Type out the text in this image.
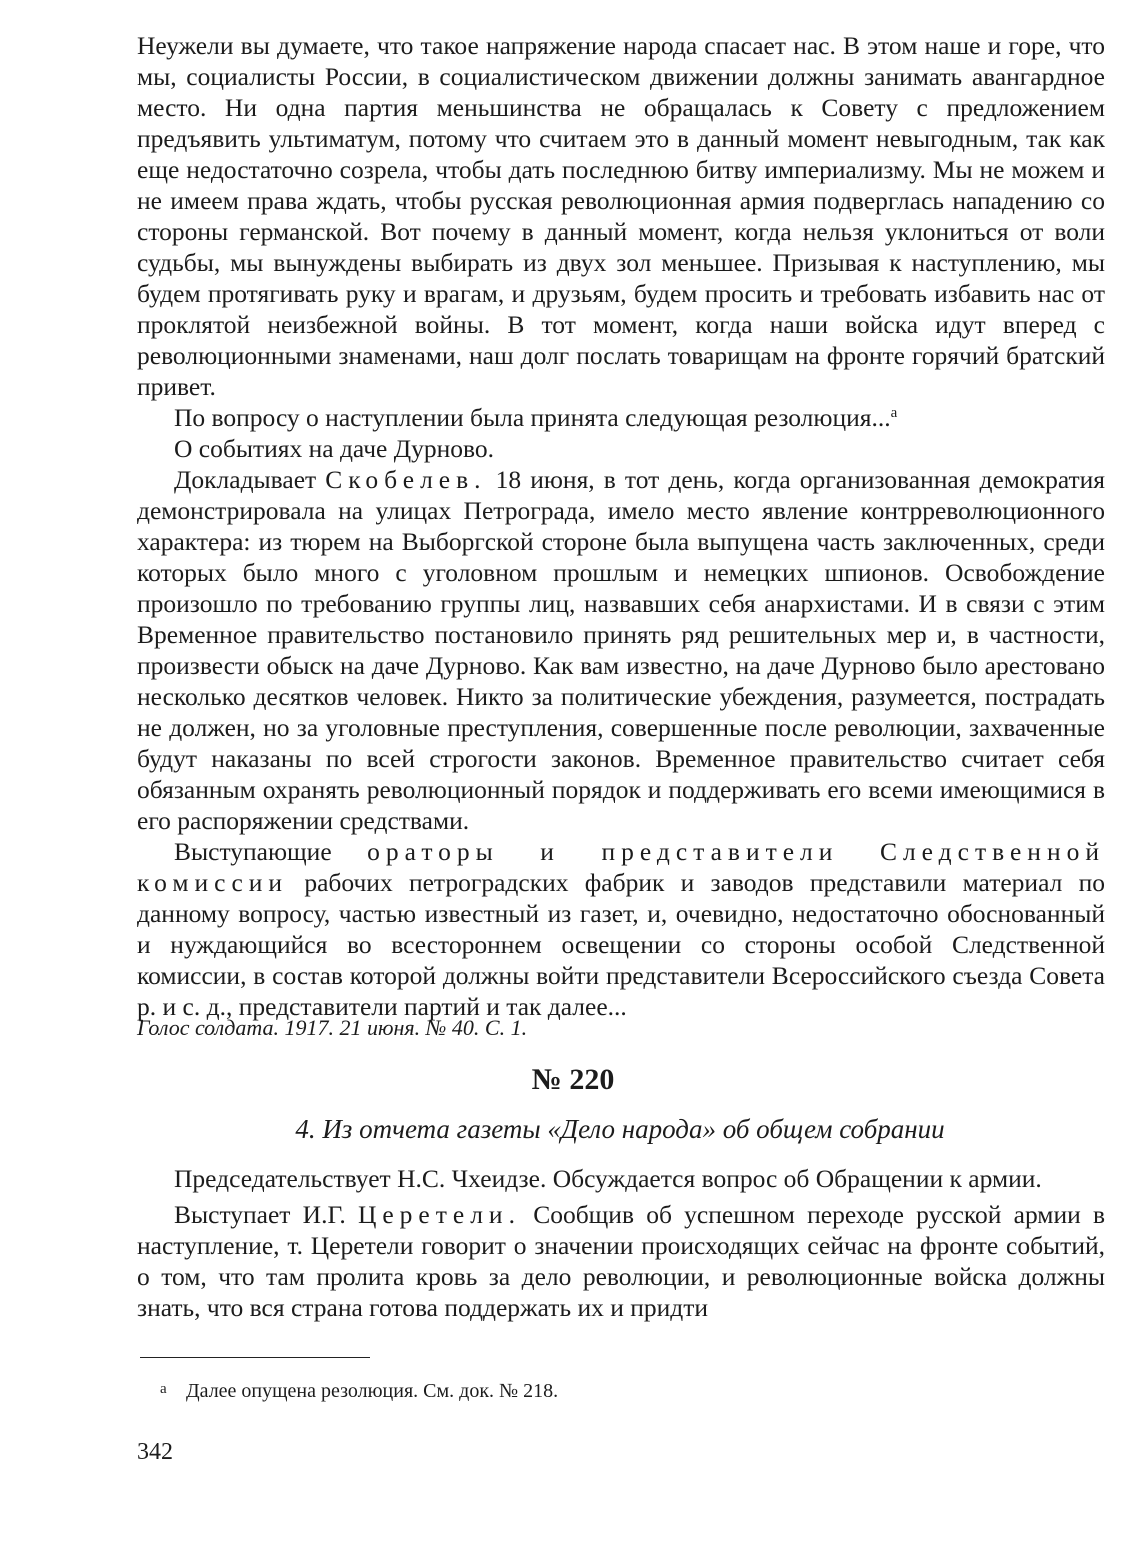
Неужели вы думаете, что такое напряжение народа спасает нас. В этом наше и горе, что мы, социалисты России, в социалистическом движении должны занимать авангардное место. Ни одна партия меньшинства не обращалась к Совету с предложением предъявить ультиматум, потому что считаем это в данный момент невыгодным, так как еще недостаточно созрела, чтобы дать последнюю битву империализму. Мы не можем и не имеем права ждать, чтобы русская революционная армия подверглась нападению со стороны германской. Вот почему в данный момент, когда нельзя уклониться от воли судьбы, мы вынуждены выбирать из двух зол меньшее. Призывая к наступлению, мы будем протягивать руку и врагам, и друзьям, будем просить и требовать избавить нас от проклятой неизбежной войны. В тот момент, когда наши войска идут вперед с революционными знаменами, наш долг послать товарищам на фронте горячий братский привет.

По вопросу о наступлении была принята следующая резолюция...$^а$

О событиях на даче Дурново.

Докладывает Скобелев. 18 июня, в тот день, когда организованная демократия демонстрировала на улицах Петрограда, имело место явление контрреволюционного характера: из тюрем на Выборгской стороне была выпущена часть заключенных, среди которых было много с уголовном прошлым и немецких шпионов. Освобождение произошло по требованию группы лиц, назвавших себя анархистами. И в связи с этим Временное правительство постановило принять ряд решительных мер и, в частности, произвести обыск на даче Дурново. Как вам известно, на даче Дурново было арестовано несколько десятков человек. Никто за политические убеждения, разумеется, пострадать не должен, но за уголовные преступления, совершенные после революции, захваченные будут наказаны по всей строгости законов. Временное правительство считает себя обязанным охранять революционный порядок и поддерживать его всеми имеющимися в его распоряжении средствами.

Выступающие ораторы и представители Следственной комиссии рабочих петроградских фабрик и заводов представили материал по данному вопросу, частью известный из газет, и, очевидно, недостаточно обоснованный и нуждающийся во всестороннем освещении со стороны особой Следственной комиссии, в состав которой должны войти представители Всероссийского съезда Совета р. и с. д., представители партий и так далее...

Голос солдата. 1917. 21 июня. № 40. С. 1.
№ 220
4. Из отчета газеты «Дело народа» об общем собрании

Председательствует Н.С. Чхеидзе. Обсуждается вопрос об Обращении к армии.

Выступает И.Г. Церетели. Сообщив об успешном переходе русской армии в наступление, т. Церетели говорит о значении происходящих сейчас на фронте событий, о том, что там пролита кровь за дело революции, и революционные войска должны знать, что вся страна готова поддержать их и придти

а Далее опущена резолюция. См. док. № 218.
342
